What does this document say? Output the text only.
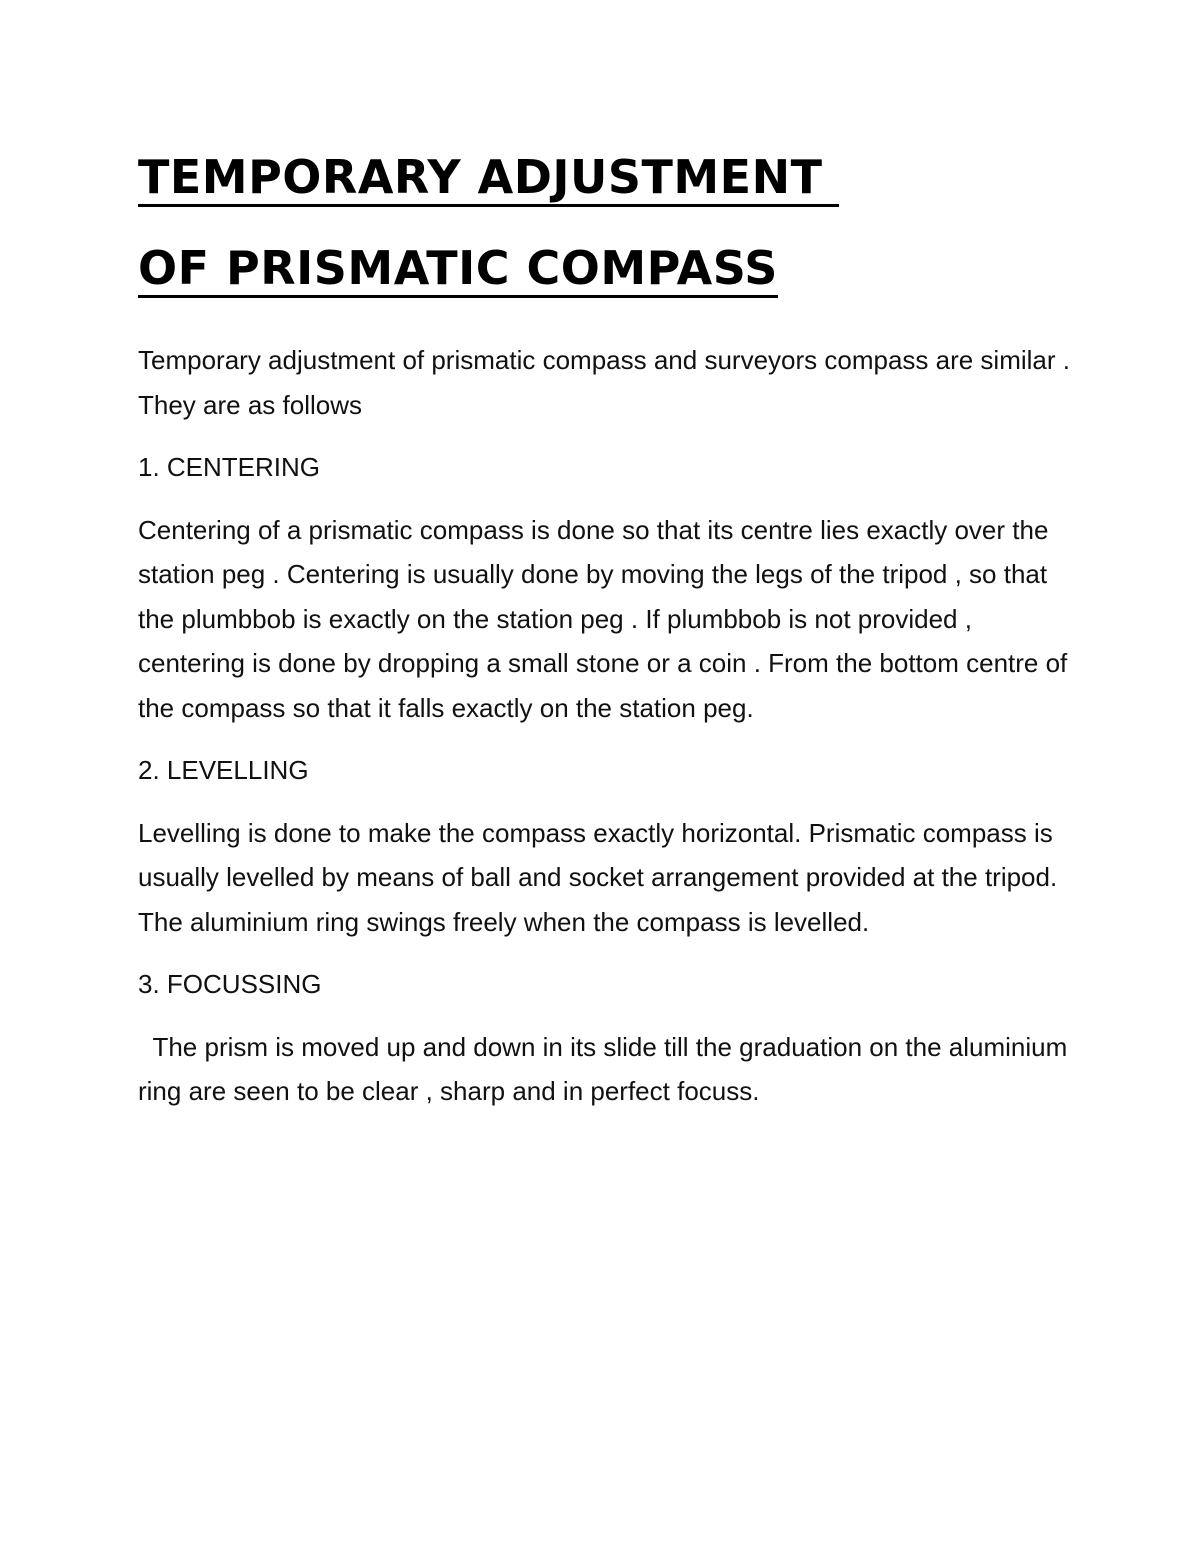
TEMPORARY ADJUSTMENT
OF PRISMATIC COMPASS

Temporary adjustment of prismatic compass and surveyors compass are similar . They are as follows

1. CENTERING

Centering of a prismatic compass is done so that its centre lies exactly over the station peg . Centering is usually done by moving the legs of the tripod , so that the plumbbob is exactly on the station peg . If plumbbob is not provided , centering is done by dropping a small stone or a coin . From the bottom centre of the compass so that it falls exactly on the station peg.

2. LEVELLING

Levelling is done to make the compass exactly horizontal. Prismatic compass is usually levelled by means of ball and socket arrangement provided at the tripod. The aluminium ring swings freely when the compass is levelled.

3. FOCUSSING

The prism is moved up and down in its slide till the graduation on the aluminium ring are seen to be clear , sharp and in perfect focuss.
